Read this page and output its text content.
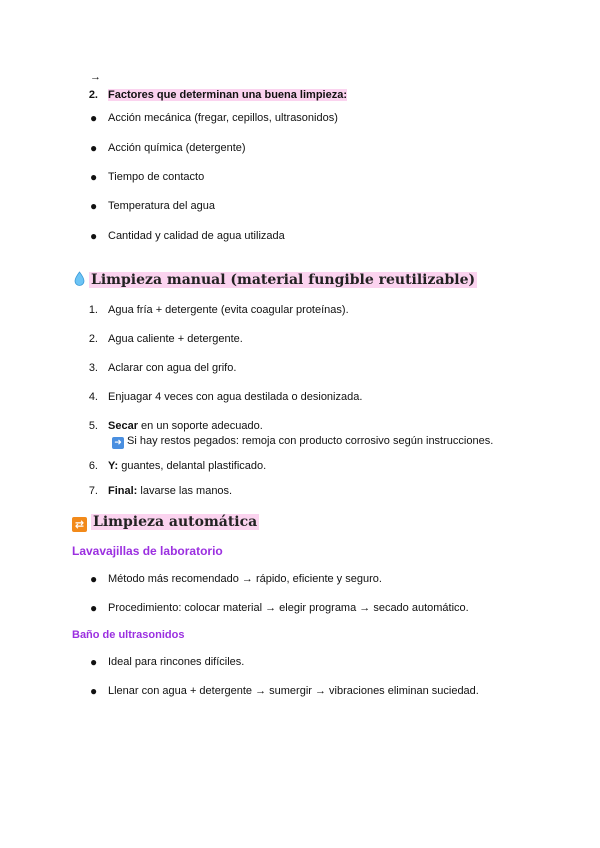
→
2. Factores que determinan una buena limpieza:
● Acción mecánica (fregar, cepillos, ultrasonidos)
● Acción química (detergente)
● Tiempo de contacto
● Temperatura del agua
● Cantidad y calidad de agua utilizada
Limpieza manual (material fungible reutilizable)
1. Agua fría + detergente (evita coagular proteínas).
2. Agua caliente + detergente.
3. Aclarar con agua del grifo.
4. Enjuagar 4 veces con agua destilada o desionizada.
5. Secar en un soporte adecuado.
➜ Si hay restos pegados: remoja con producto corrosivo según instrucciones.
6. Y: guantes, delantal plastificado.
7. Final: lavarse las manos.
⇄ Limpieza automática
Lavavajillas de laboratorio
● Método más recomendado → rápido, eficiente y seguro.
● Procedimiento: colocar material → elegir programa → secado automático.
Baño de ultrasonidos
● Ideal para rincones difíciles.
● Llenar con agua + detergente → sumergir → vibraciones eliminan suciedad.
